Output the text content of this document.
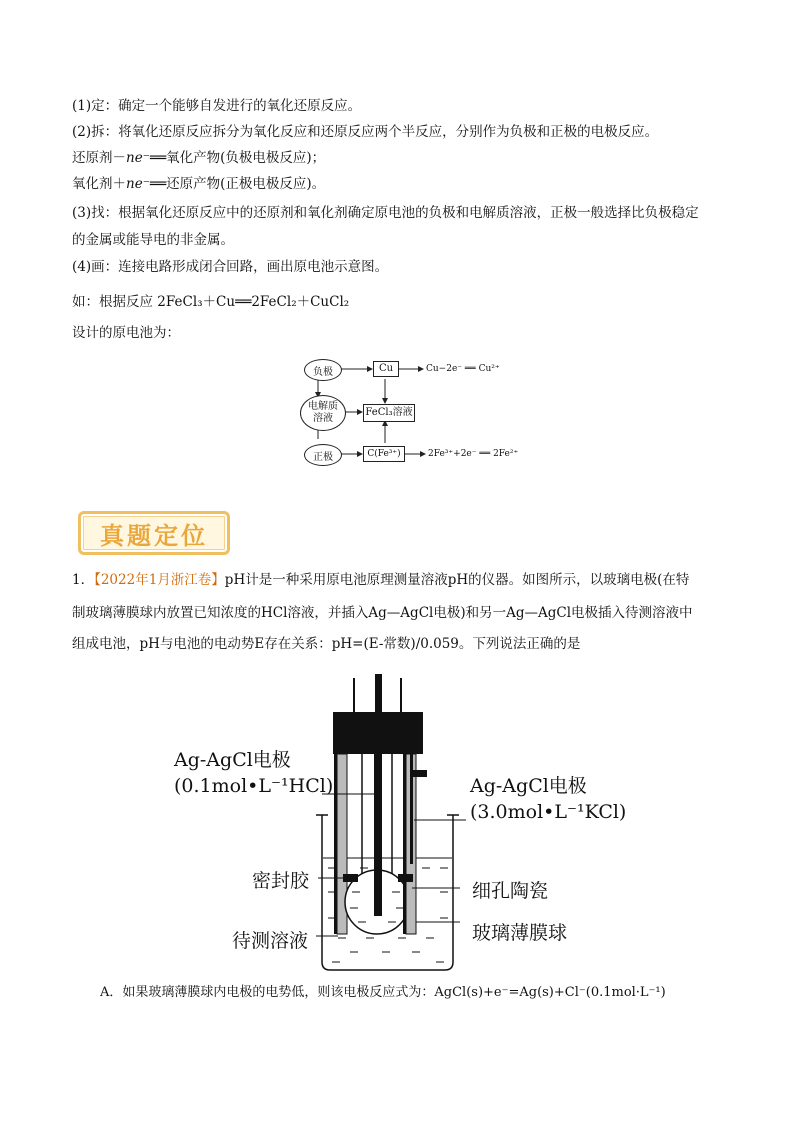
(1)定：确定一个能够自发进行的氧化还原反应。
(2)拆：将氧化还原反应拆分为氧化反应和还原反应两个半反应，分别作为负极和正极的电极反应。
还原剂－ne⁻══氧化产物(负极电极反应)；
氧化剂＋ne⁻══还原产物(正极电极反应)。
(3)找：根据氧化还原反应中的还原剂和氧化剂确定原电池的负极和电解质溶液，正极一般选择比负极稳定
的金属或能导电的非金属。
(4)画：连接电路形成闭合回路，画出原电池示意图。
如：根据反应 2FeCl₃＋Cu══2FeCl₂＋CuCl₂
设计的原电池为：
负极	Cu	Cu−2e⁻ ══ Cu²⁺
电解质
溶液
FeCl₃溶液
正极	C(Fe³⁺)	2Fe³⁺+2e⁻ ══ 2Fe²⁺
真题定位
1．【2022年1月浙江卷】pH计是一种采用原电池原理测量溶液pH的仪器。如图所示，以玻璃电极(在特
制玻璃薄膜球内放置已知浓度的HCl溶液，并插入Ag—AgCl电极)和另一Ag—AgCl电极插入待测溶液中
组成电池，pH与电池的电动势E存在关系：pH=(E-常数)/0.059。下列说法正确的是
Ag-AgCl电极
(0.1mol•L⁻¹HCl)	Ag-AgCl电极
(3.0mol•L⁻¹KCl)
密封胶	细孔陶瓷
待测溶液	玻璃薄膜球
A．如果玻璃薄膜球内电极的电势低，则该电极反应式为：AgCl(s)+e⁻=Ag(s)+Cl⁻(0.1mol·L⁻¹)
